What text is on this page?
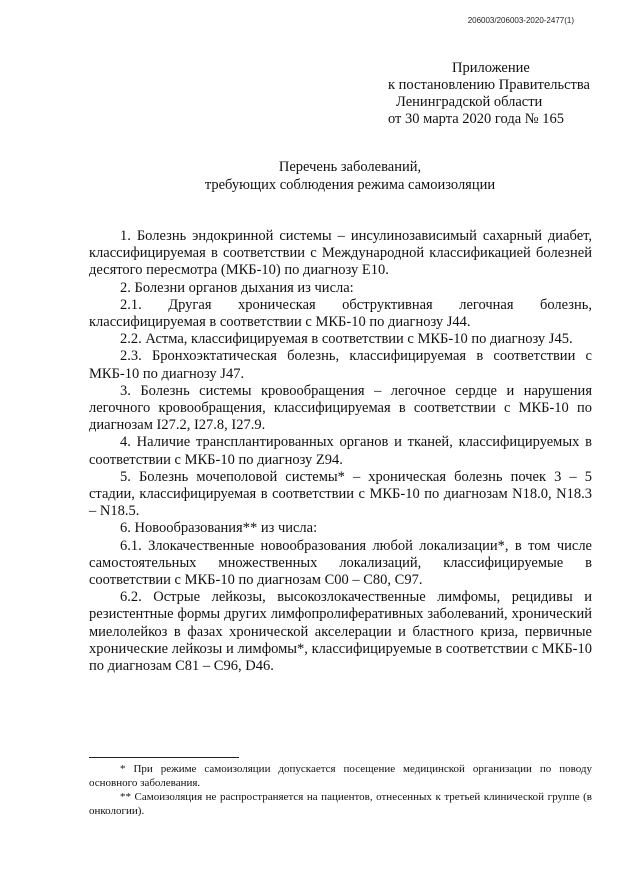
206003/206003-2020-2477(1)
Приложение
к постановлению Правительства
Ленинградской области
от 30 марта 2020 года № 165
Перечень заболеваний,
требующих соблюдения режима самоизоляции

1. Болезнь эндокринной системы – инсулинозависимый сахарный диабет, классифицируемая в соответствии с Международной классификацией болезней десятого пересмотра (МКБ-10) по диагнозу E10.

2. Болезни органов дыхания из числа:

2.1. Другая хроническая обструктивная легочная болезнь, классифицируемая в соответствии с МКБ-10 по диагнозу J44.

2.2. Астма, классифицируемая в соответствии с МКБ-10 по диагнозу J45.

2.3. Бронхоэктатическая болезнь, классифицируемая в соответствии с МКБ-10 по диагнозу J47.

3. Болезнь системы кровообращения – легочное сердце и нарушения легочного кровообращения, классифицируемая в соответствии с МКБ-10 по диагнозам I27.2, I27.8, I27.9.

4. Наличие трансплантированных органов и тканей, классифицируемых в соответствии с МКБ-10 по диагнозу Z94.

5. Болезнь мочеполовой системы* – хроническая болезнь почек 3 – 5 стадии, классифицируемая в соответствии с МКБ-10 по диагнозам N18.0, N18.3 – N18.5.

6. Новообразования** из числа:

6.1. Злокачественные новообразования любой локализации*, в том числе самостоятельных множественных локализаций, классифицируемые в соответствии с МКБ-10 по диагнозам C00 – C80, C97.

6.2. Острые лейкозы, высокозлокачественные лимфомы, рецидивы и резистентные формы других лимфопролиферативных заболеваний, хронический миелолейкоз в фазах хронической акселерации и бластного криза, первичные хронические лейкозы и лимфомы*, классифицируемые в соответствии с МКБ-10 по диагнозам C81 – C96, D46.

* При режиме самоизоляции допускается посещение медицинской организации по поводу основного заболевания.

** Самоизоляция не распространяется на пациентов, отнесенных к третьей клинической группе (в онкологии).
